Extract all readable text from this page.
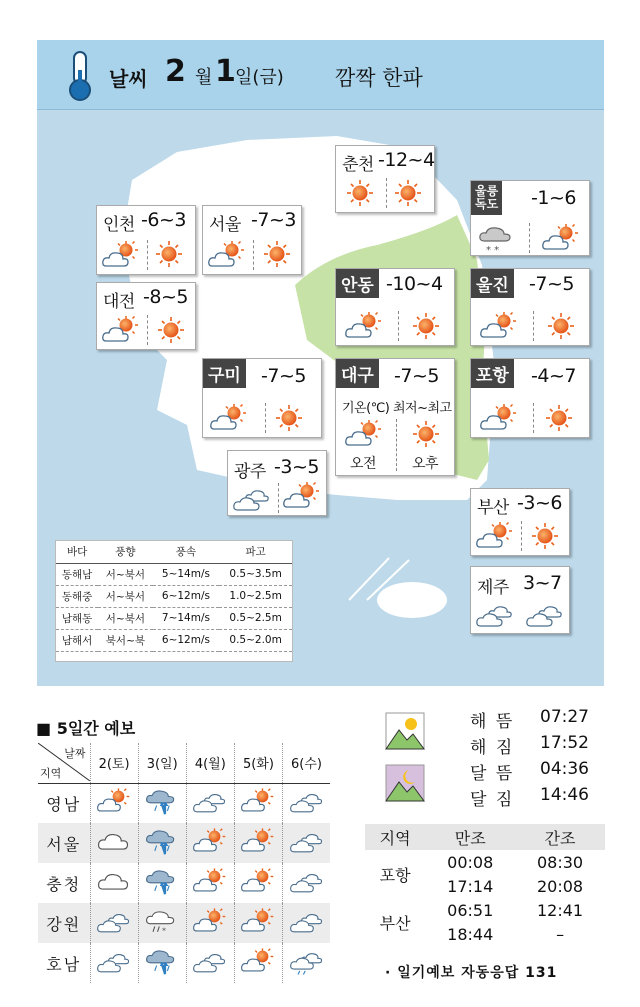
날씨 2 월 1 일(금) 깜짝 한파
인천 -6~3 서울 -7~3
춘천 -12~4
울릉
독도 -1~6
대전 -8~5	안동 -10~4 울진 -7~5
구미 -7~5 대구 -7~5
기온(℃) 최저~최고
오전	오후
포항 -4~7
광주 -3~5
부산 -3~6
제주 3~7
바다	풍향	풍속	파고
동해남	서~북서	5~14m/s	0.5~3.5m
동해중	서~북서	6~12m/s	1.0~2.5m
남해동	서~북서	7~14m/s	0.5~2.5m
남해서	북서~북	6~12m/s	0.5~2.0m
■ 5일간 예보
날짜
지역	2(토)	3(일)	4(월)	5(화)	6(수)
영남					
서울					
충청					
강원					
호남					
해 뜸 07:27
해 짐 17:52
달 뜸 04:36
달 짐 14:46
지역	만조	간조
포항	00:08	08:30
	17:14	20:08
부산	06:51	12:41
	18:44	–
· 일기예보 자동응답 131
